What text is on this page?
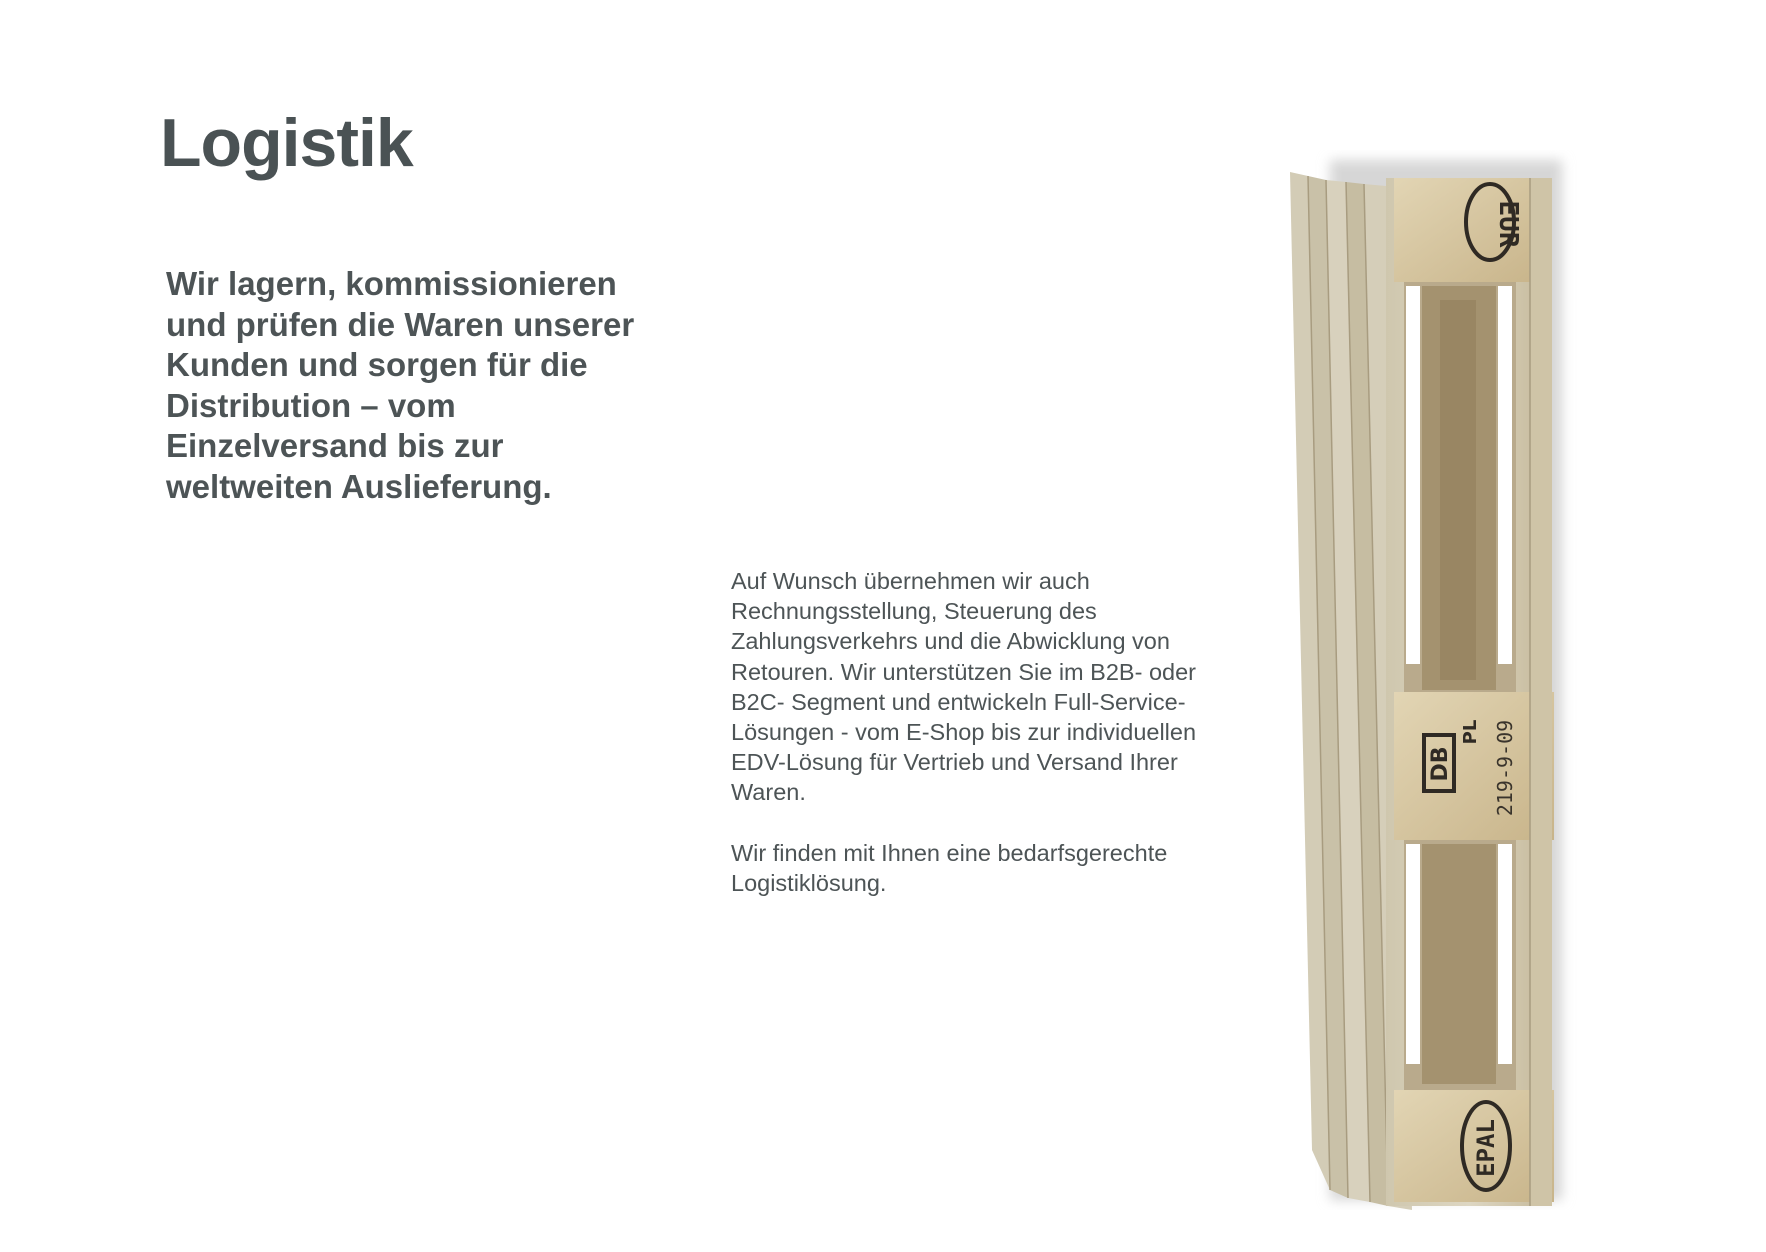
Logistik

Wir lagern, kommissionieren und prüfen die Waren unserer Kunden und sorgen für die Distribution – vom Einzelversand bis zur weltweiten Auslieferung.

Auf Wunsch übernehmen wir auch Rechnungsstellung, Steuerung des Zahlungsverkehrs und die Abwicklung von Retouren. Wir unterstützen Sie im B2B- oder B2C- Segment und entwickeln Full-Service-Lösungen - vom E-Shop bis zur individuellen EDV-Lösung für Vertrieb und Versand Ihrer Waren.

Wir finden mit Ihnen eine bedarfsgerechte Logistiklösung.

EUR
DB
PL 219-9-09
EPAL
